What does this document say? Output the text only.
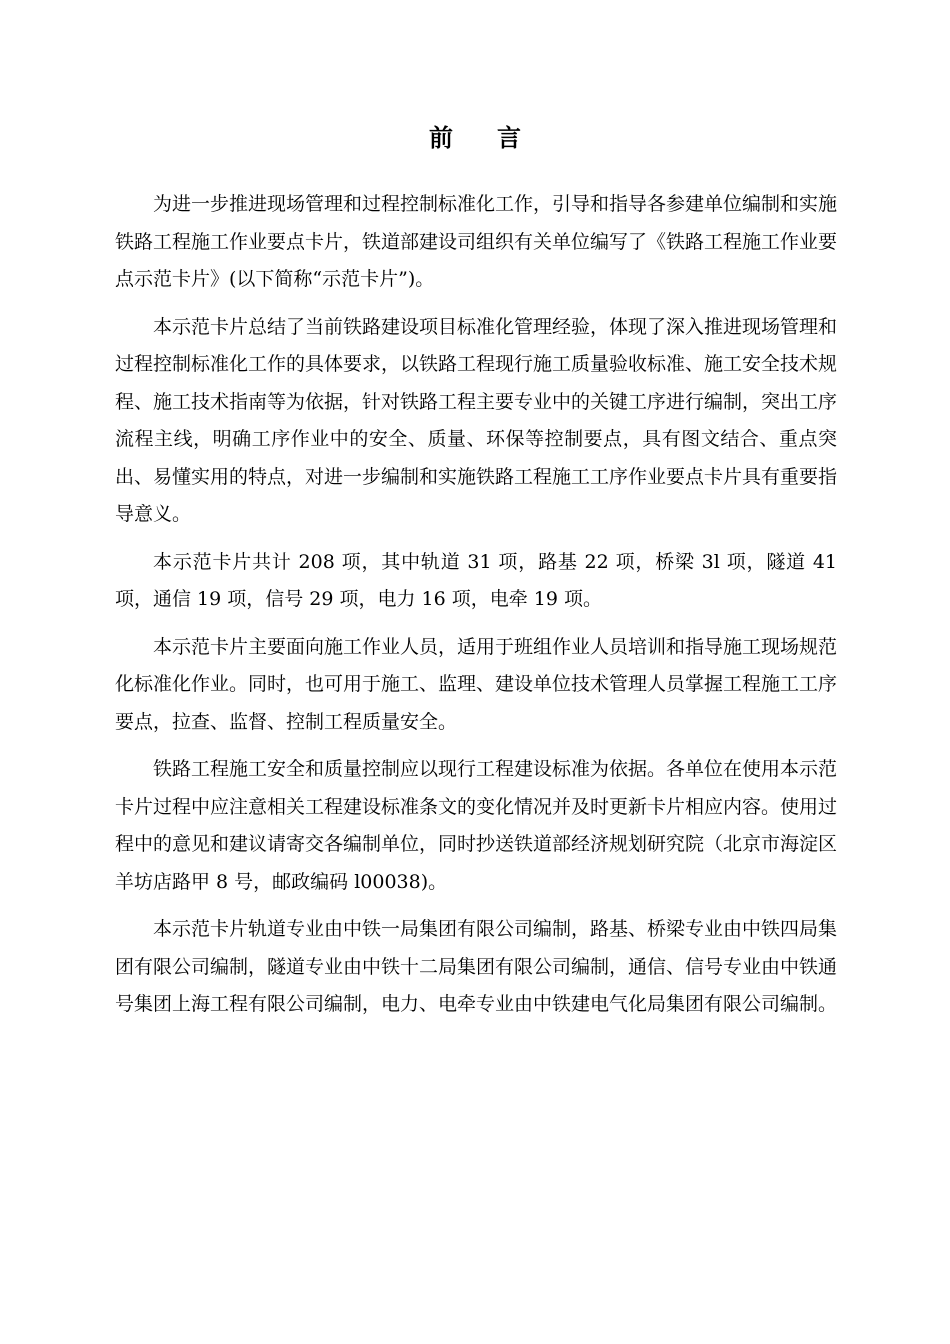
前言

为进一步推进现场管理和过程控制标准化工作，引导和指导各参建单位编制和实施铁路工程施工作业要点卡片，铁道部建设司组织有关单位编写了《铁路工程施工作业要点示范卡片》(以下简称“示范卡片”)。

本示范卡片总结了当前铁路建设项目标准化管理经验，体现了深入推进现场管理和过程控制标准化工作的具体要求，以铁路工程现行施工质量验收标准、施工安全技术规程、施工技术指南等为依据，针对铁路工程主要专业中的关键工序进行编制，突出工序流程主线，明确工序作业中的安全、质量、环保等控制要点，具有图文结合、重点突出、易懂实用的特点，对进一步编制和实施铁路工程施工工序作业要点卡片具有重要指导意义。

本示范卡片共计 208 项，其中轨道 31 项，路基 22 项，桥梁 3l 项，隧道 41 项，通信 19 项，信号 29 项，电力 16 项，电牵 19 项。

本示范卡片主要面向施工作业人员，适用于班组作业人员培训和指导施工现场规范化标准化作业。同时，也可用于施工、监理、建设单位技术管理人员掌握工程施工工序要点，拉查、监督、控制工程质量安全。

铁路工程施工安全和质量控制应以现行工程建设标准为依据。各单位在使用本示范卡片过程中应注意相关工程建设标准条文的变化情况并及时更新卡片相应内容。使用过程中的意见和建议请寄交各编制单位，同时抄送铁道部经济规划研究院（北京市海淀区羊坊店路甲 8 号，邮政编码 l00038)。

本示范卡片轨道专业由中铁一局集团有限公司编制，路基、桥梁专业由中铁四局集团有限公司编制，隧道专业由中铁十二局集团有限公司编制，通信、信号专业由中铁通号集团上海工程有限公司编制，电力、电牵专业由中铁建电气化局集团有限公司编制。
